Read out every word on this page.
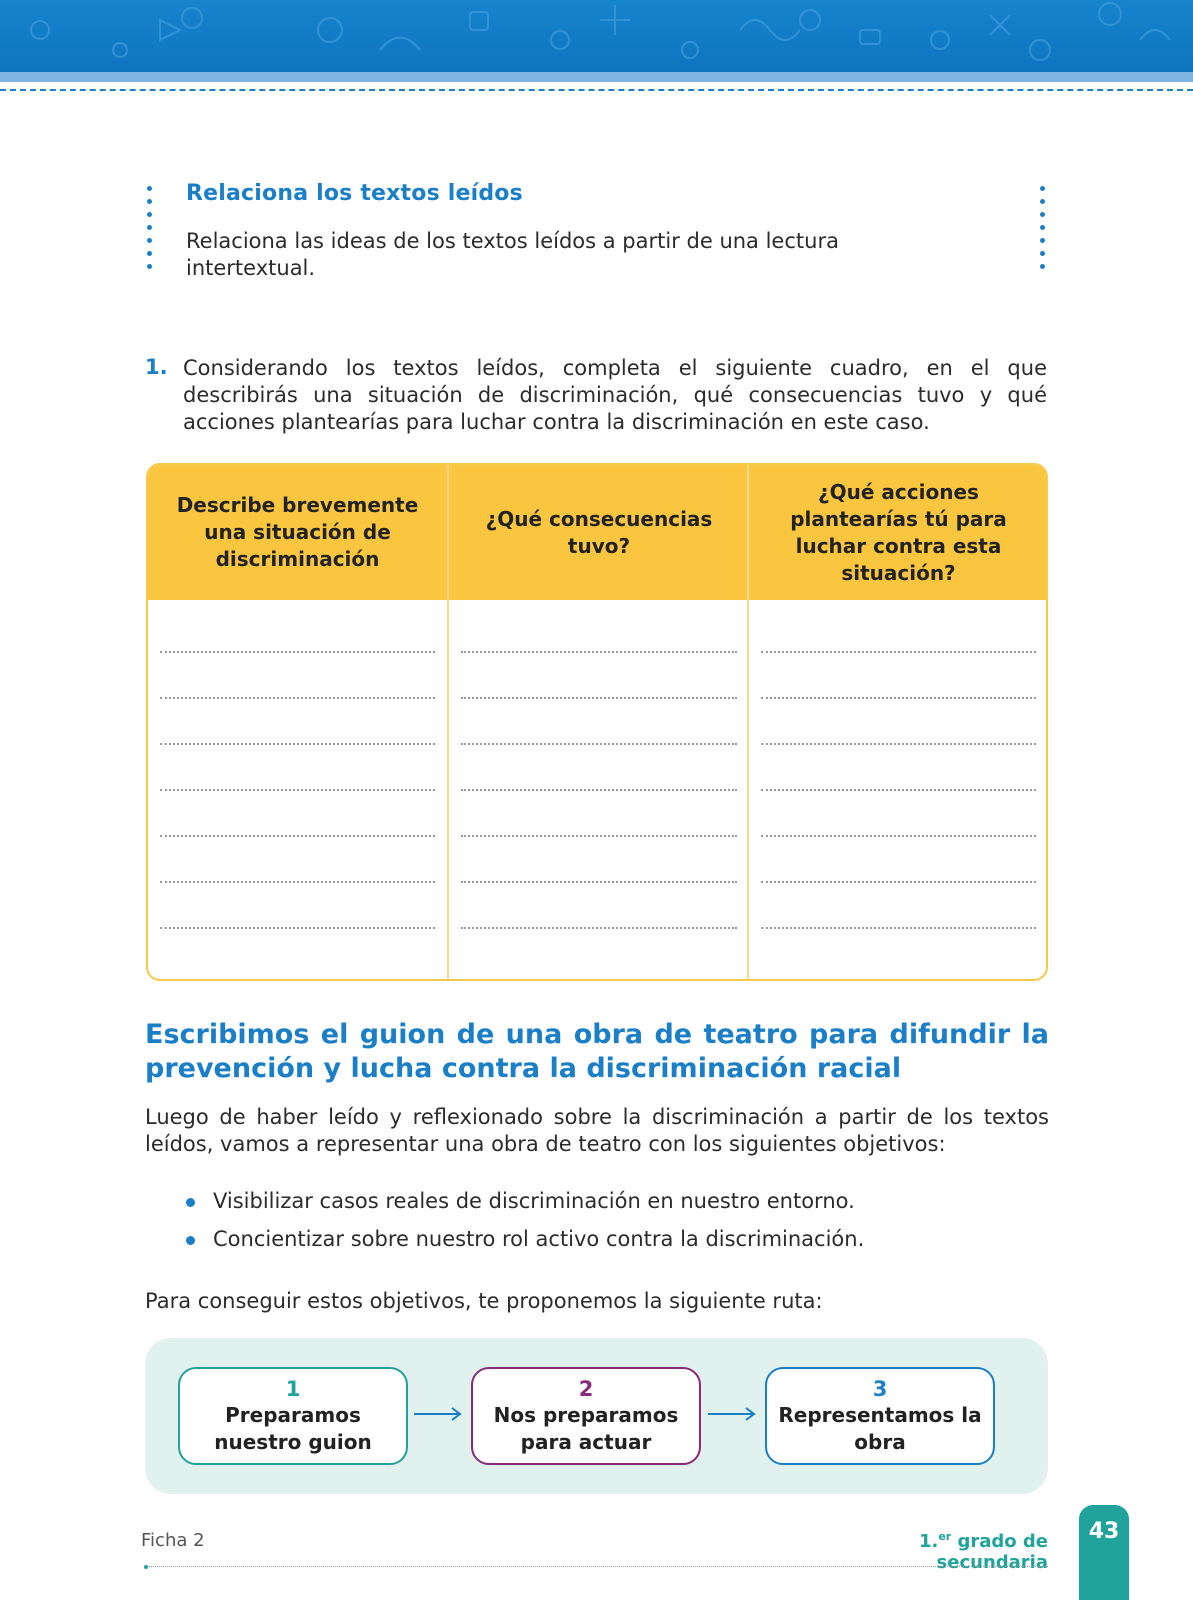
Relaciona los textos leídos
Relaciona las ideas de los textos leídos a partir de una lectura intertextual.
1. Considerando los textos leídos, completa el siguiente cuadro, en el que describirás una situación de discriminación, qué consecuencias tuvo y qué acciones plantearías para luchar contra la discriminación en este caso.
Describe brevemente una situación de discriminación
¿Qué consecuencias tuvo?
¿Qué acciones plantearías tú para luchar contra esta situación?
Escribimos el guion de una obra de teatro para difundir la prevención y lucha contra la discriminación racial
Luego de haber leído y reflexionado sobre la discriminación a partir de los textos leídos, vamos a representar una obra de teatro con los siguientes objetivos:
Visibilizar casos reales de discriminación en nuestro entorno.
Concientizar sobre nuestro rol activo contra la discriminación.
Para conseguir estos objetivos, te proponemos la siguiente ruta:
1
Preparamos nuestro guion
2
Nos preparamos para actuar
3
Representamos la obra
Ficha 2	1.$^{er}$ grado de secundaria
43
